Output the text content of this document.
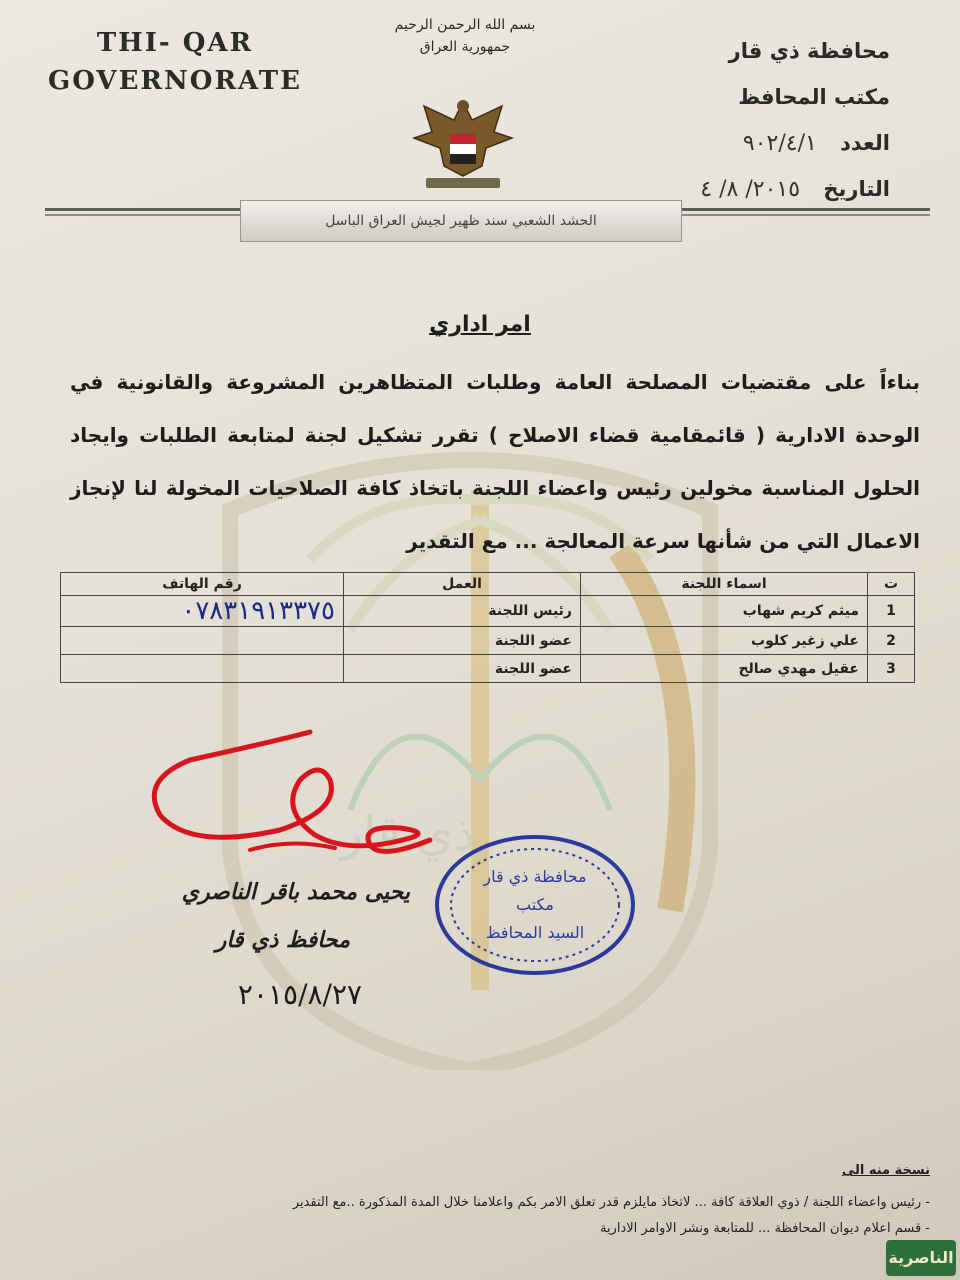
ذي قار
THI- QAR
GOVERNORATE
بسم الله الرحمن الرحيم
جمهورية العراق	محافظة ذي قار
مكتب المحافظ
العدد ٩٠٢/٤/١
التاريخ ٢٠١٥/ ٨/ ٤
الحشد الشعبي سند ظهير لجيش العراق الباسل
امر اداري
بناءاً على مقتضيات المصلحة العامة وطلبات المتظاهرين المشروعة والقانونية في الوحدة الادارية ( قائمقامية قضاء الاصلاح ) تقرر تشكيل لجنة لمتابعة الطلبات وايجاد الحلول المناسبة مخولين رئيس واعضاء اللجنة باتخاذ كافة الصلاحيات المخولة لنا لإنجاز الاعمال التي من شأنها سرعة المعالجة ... مع التقدير
ت	اسماء اللجنة	العمل	رقم الهاتف
1	ميثم كريم شهاب	رئيس اللجنة	٠٧٨٣١٩١٣٣٧٥
2	علي زغير كلوب	عضو اللجنة	
3	عقيل مهدي صالح	عضو اللجنة	
محافظة ذي قار
مكتب
السيد المحافظ
يحيى محمد باقر الناصري
محافظ ذي قار
٢٠١٥/٨/٢٧
نسخة منه الى
- رئيس واعضاء اللجنة / ذوي العلاقة كافة ... لاتخاذ مايلزم قدر تعلق الامر بكم واعلامنا خلال المدة المذكورة ..مع التقدير
- قسم اعلام ديوان المحافظة ... للمتابعة ونشر الاوامر الادارية
الناصرية
